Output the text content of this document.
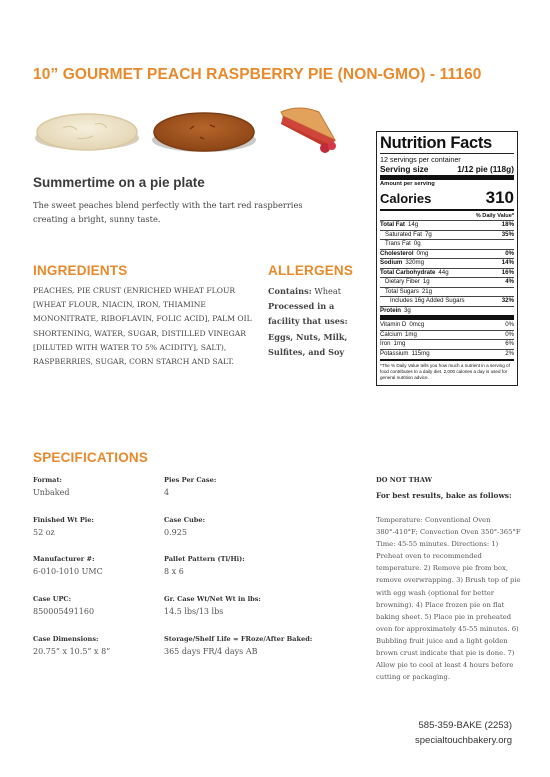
10” GOURMET PEACH RASPBERRY PIE (NON-GMO) - 11160
Summertime on a pie plate
The sweet peaches blend perfectly with the tart red raspberries creating a bright, sunny taste.
INGREDIENTS	ALLERGENS
PEACHES, PIE CRUST (ENRICHED WHEAT FLOUR [WHEAT FLOUR, NIACIN, IRON, THIAMINE MONONITRATE, RIBOFLAVIN, FOLIC ACID], PALM OIL SHORTENING, WATER, SUGAR, DISTILLED VINEGAR [DILUTED WITH WATER TO 5% ACIDITY], SALT), RASPBERRIES, SUGAR, CORN STARCH AND SALT.
Contains: Wheat
Processed in a facility that uses: Eggs, Nuts, Milk, Sulfites, and Soy
Nutrition Facts
12 servings per container
Serving size	1/12 pie (118g)
Amount per serving
Calories	310
% Daily Value*
Total Fat 14g	18%
Saturated Fat 7g	35%
Trans Fat 0g
Cholesterol 0mg	0%
Sodium 320mg	14%
Total Carbohydrate 44g	16%
Dietary Fiber 1g	4%
Total Sugars 21g
Includes 16g Added Sugars	32%
Protein 3g
Vitamin D 0mcg	0%
Calcium 1mg	0%
Iron 1mg	6%
Potassium 115mg	2%
*The % Daily Value tells you how much a nutrient in a serving of food contributes to a daily diet. 2,000 calories a day is used for general nutrition advice.
SPECIFICATIONS
Format:
Unbaked
Pies Per Case:
4
Finished Wt Pie:
52 oz
Case Cube:
0.925
Manufacturer #:
6-010-1010 UMC
Pallet Pattern (Ti/Hi):
8 x 6
Case UPC:
850005491160
Gr. Case Wt/Net Wt in lbs:
14.5 lbs/13 lbs
Case Dimensions:
20.75” x 10.5” x 8”
Storage/Shelf Life = FRoze/After Baked:
365 days FR/4 days AB
DO NOT THAW
For best results, bake as follows:
Temperature: Conventional Oven 380°-410°F; Convection Oven 350°-365°F Time: 45-55 minutes. Directions: 1) Preheat oven to recommended temperature. 2) Remove pie from box, remove overwrapping. 3) Brush top of pie with egg wash (optional for better browning). 4) Place frozen pie on flat baking sheet. 5) Place pie in preheated oven for approximately 45-55 minutes. 6) Bubbling fruit juice and a light golden brown crust indicate that pie is done. 7) Allow pie to cool at least 4 hours before cutting or packaging.
585-359-BAKE (2253)
specialtouchbakery.org
